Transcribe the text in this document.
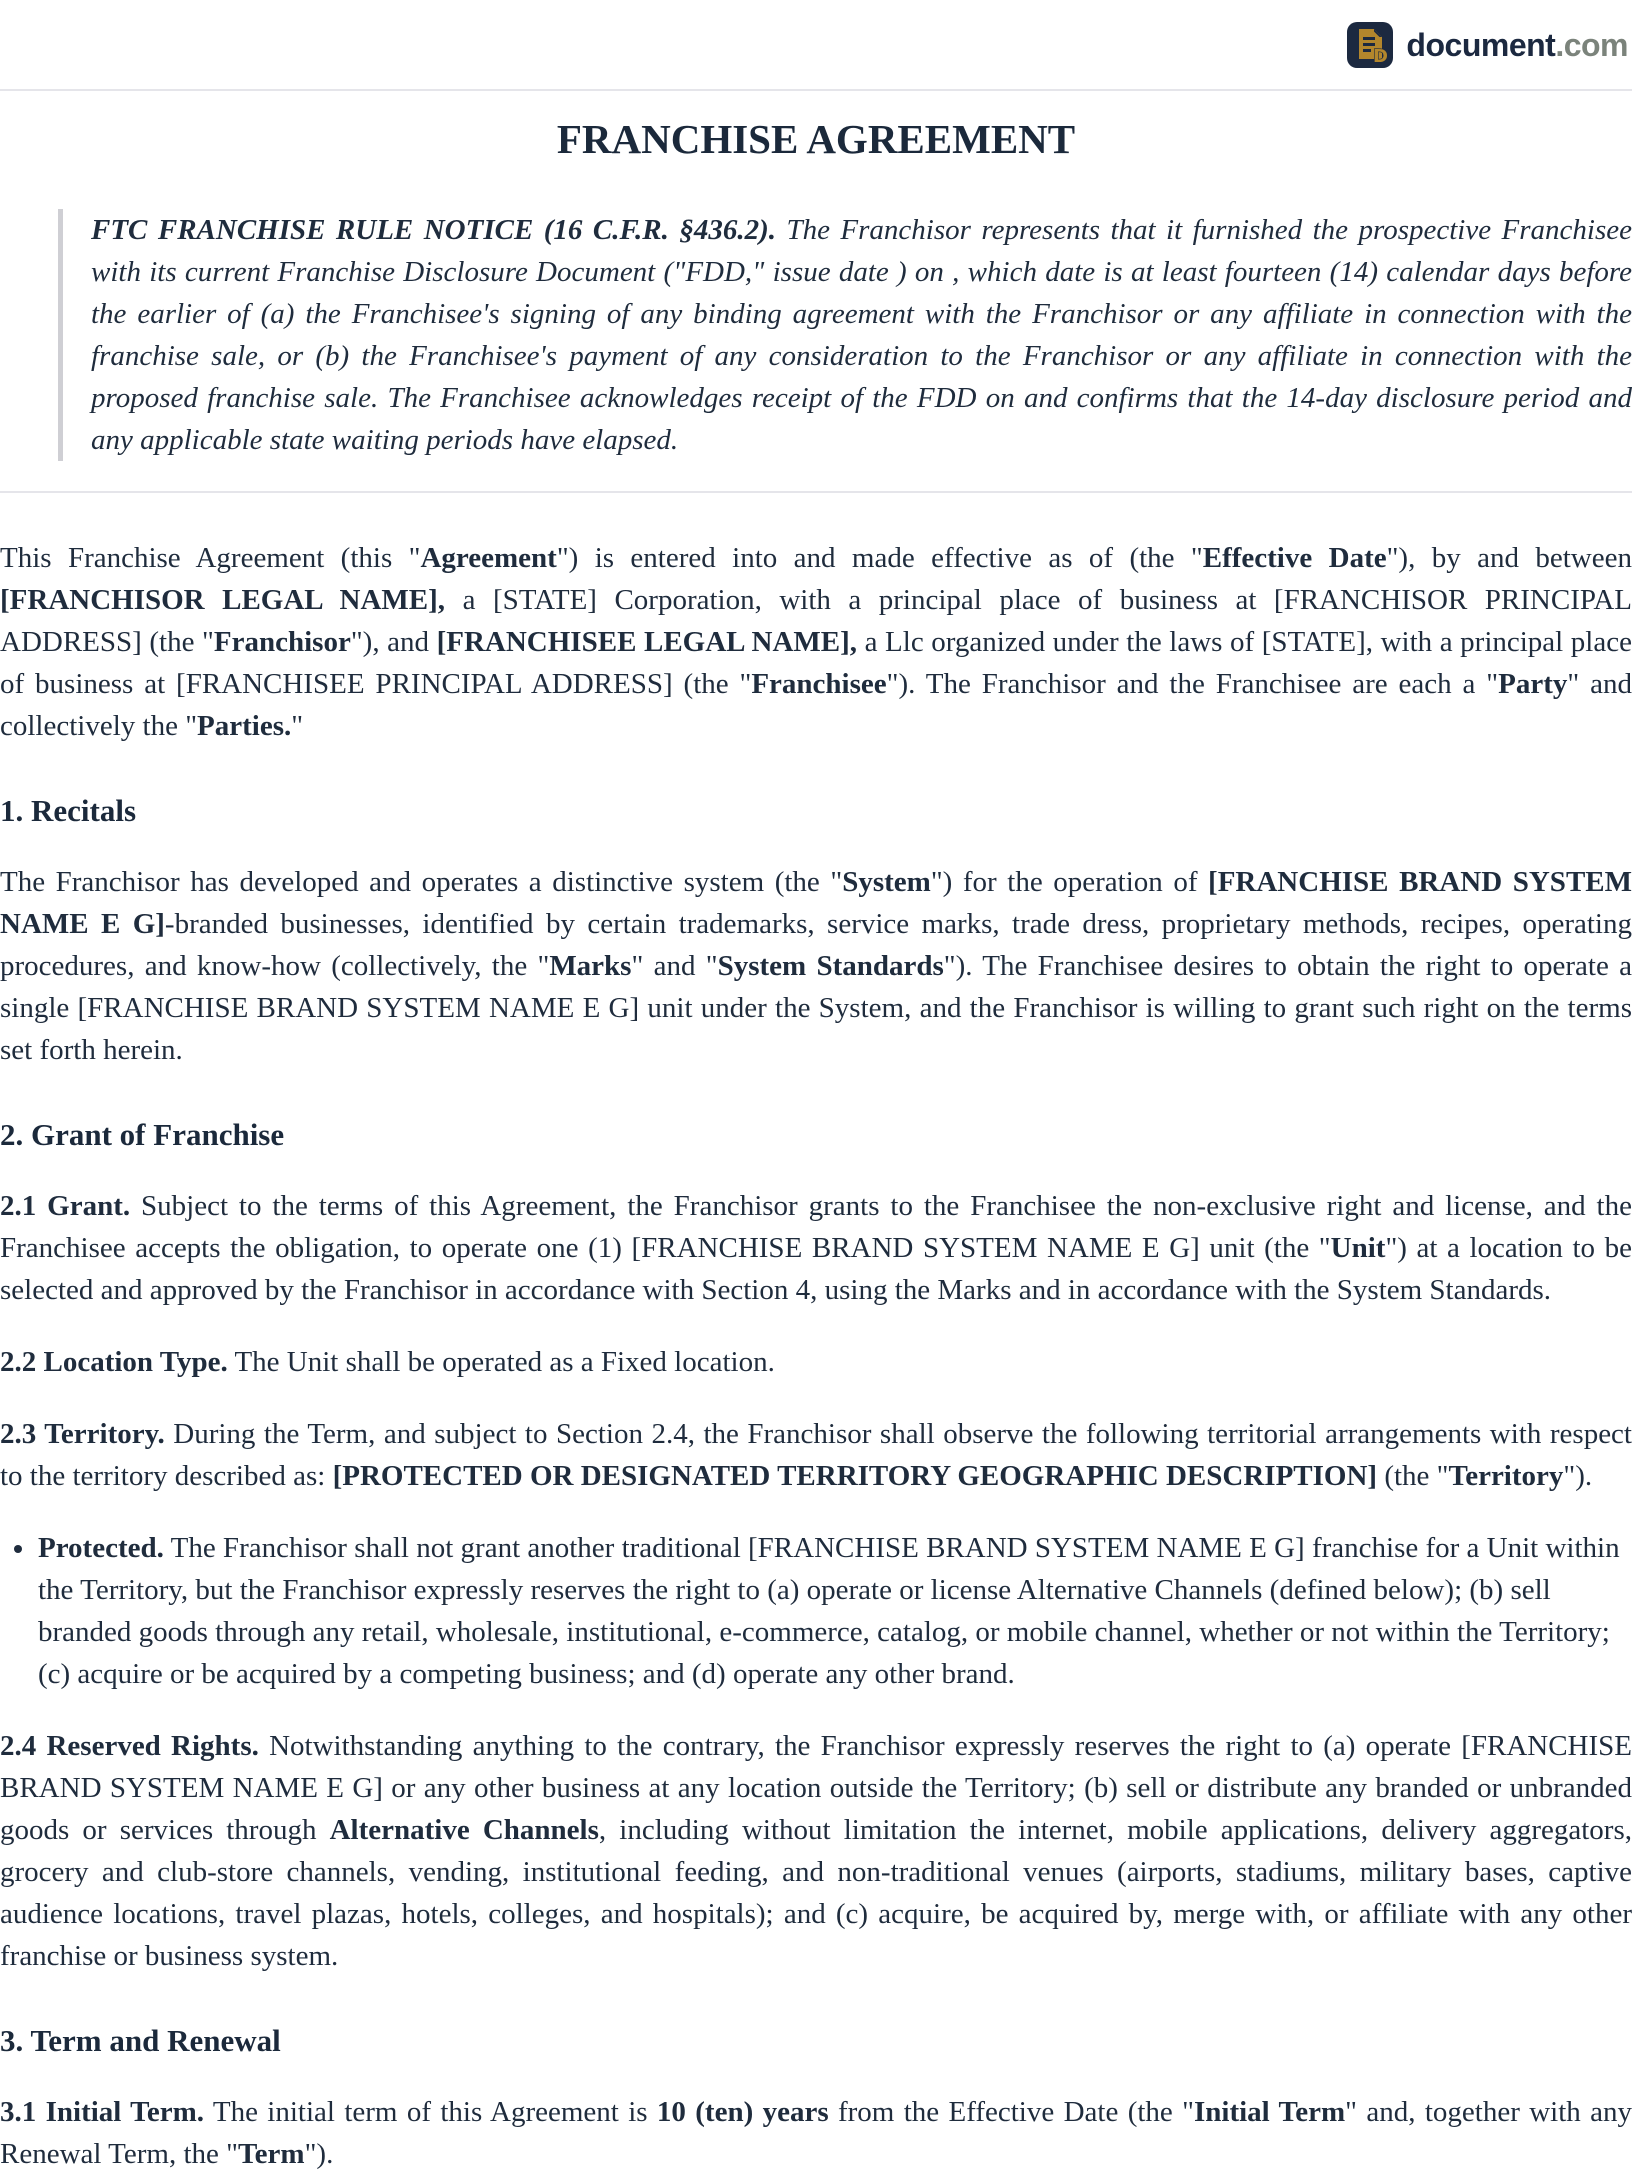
D document.com
FRANCHISE AGREEMENT
FTC FRANCHISE RULE NOTICE (16 C.F.R. §436.2). The Franchisor represents that it furnished the prospective Franchisee with its current Franchise Disclosure Document ("FDD," issue date ) on , which date is at least fourteen (14) calendar days before the earlier of (a) the Franchisee's signing of any binding agreement with the Franchisor or any affiliate in connection with the franchise sale, or (b) the Franchisee's payment of any consideration to the Franchisor or any affiliate in connection with the proposed franchise sale. The Franchisee acknowledges receipt of the FDD on and confirms that the 14-day disclosure period and any applicable state waiting periods have elapsed.

This Franchise Agreement (this "Agreement") is entered into and made effective as of (the "Effective Date"), by and between [FRANCHISOR LEGAL NAME], a [STATE] Corporation, with a principal place of business at [FRANCHISOR PRINCIPAL ADDRESS] (the "Franchisor"), and [FRANCHISEE LEGAL NAME], a Llc organized under the laws of [STATE], with a principal place of business at [FRANCHISEE PRINCIPAL ADDRESS] (the "Franchisee"). The Franchisor and the Franchisee are each a "Party" and collectively the "Parties."

1. Recitals

The Franchisor has developed and operates a distinctive system (the "System") for the operation of [FRANCHISE BRAND SYSTEM NAME E G]-branded businesses, identified by certain trademarks, service marks, trade dress, proprietary methods, recipes, operating procedures, and know-how (collectively, the "Marks" and "System Standards"). The Franchisee desires to obtain the right to operate a single [FRANCHISE BRAND SYSTEM NAME E G] unit under the System, and the Franchisor is willing to grant such right on the terms set forth herein.

2. Grant of Franchise

2.1 Grant. Subject to the terms of this Agreement, the Franchisor grants to the Franchisee the non-exclusive right and license, and the Franchisee accepts the obligation, to operate one (1) [FRANCHISE BRAND SYSTEM NAME E G] unit (the "Unit") at a location to be selected and approved by the Franchisor in accordance with Section 4, using the Marks and in accordance with the System Standards.

2.2 Location Type. The Unit shall be operated as a Fixed location.

2.3 Territory. During the Term, and subject to Section 2.4, the Franchisor shall observe the following territorial arrangements with respect to the territory described as: [PROTECTED OR DESIGNATED TERRITORY GEOGRAPHIC DESCRIPTION] (the "Territory").

• Protected. The Franchisor shall not grant another traditional [FRANCHISE BRAND SYSTEM NAME E G] franchise for a Unit within the Territory, but the Franchisor expressly reserves the right to (a) operate or license Alternative Channels (defined below); (b) sell branded goods through any retail, wholesale, institutional, e-commerce, catalog, or mobile channel, whether or not within the Territory; (c) acquire or be acquired by a competing business; and (d) operate any other brand.

2.4 Reserved Rights. Notwithstanding anything to the contrary, the Franchisor expressly reserves the right to (a) operate [FRANCHISE BRAND SYSTEM NAME E G] or any other business at any location outside the Territory; (b) sell or distribute any branded or unbranded goods or services through Alternative Channels, including without limitation the internet, mobile applications, delivery aggregators, grocery and club-store channels, vending, institutional feeding, and non-traditional venues (airports, stadiums, military bases, captive audience locations, travel plazas, hotels, colleges, and hospitals); and (c) acquire, be acquired by, merge with, or affiliate with any other franchise or business system.

3. Term and Renewal

3.1 Initial Term. The initial term of this Agreement is 10 (ten) years from the Effective Date (the "Initial Term" and, together with any Renewal Term, the "Term").
